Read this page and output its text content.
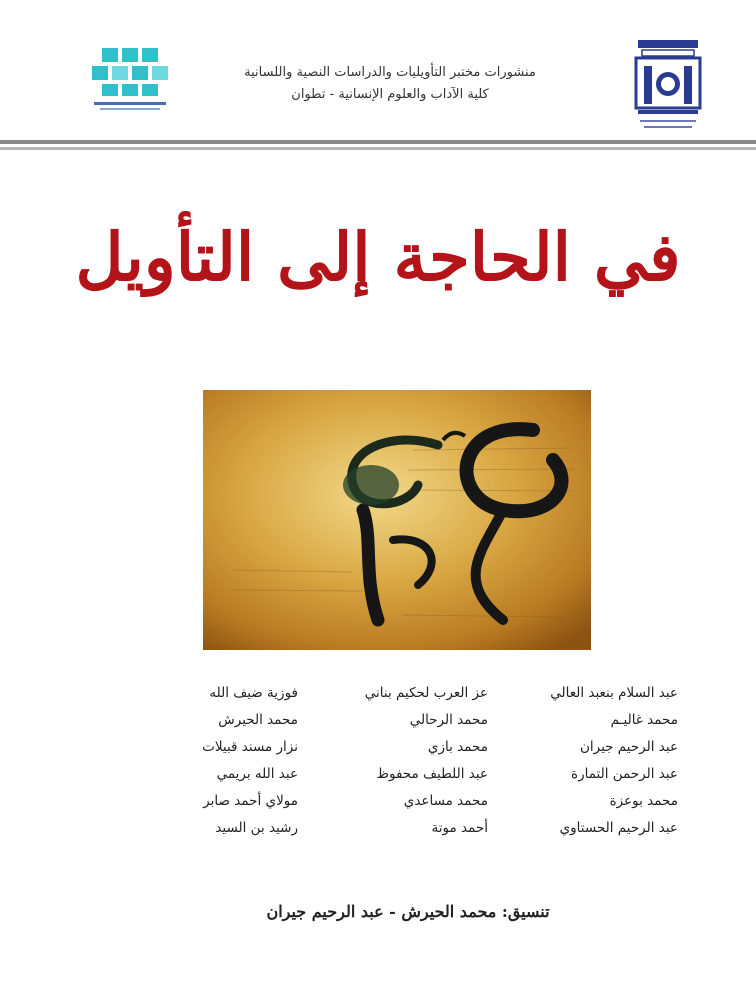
منشورات مختبر التأويليات والدراسات النصية واللسانية
كلية الآداب والعلوم الإنسانية - تطوان
في الحاجة إلى التأويل
عبد السلام بنعبد العالي
عز العرب لحكيم بناني
فوزية ضيف الله
محمد غاليـم
محمد الرحالي
محمد الحيرش
عبد الرحيم جيران
محمد بازي
نزار مسند قبيلات
عبد الرحمن التمارة
عبد اللطيف محفوظ
عبد الله بريمي
محمد بوعزة
محمد مساعدي
مولاي أحمد صابر
عبد الرحيم الحستاوي
أحمد موتة
رشيد بن السيد
تنسيق: محمد الحيرش - عبد الرحيم جيران
